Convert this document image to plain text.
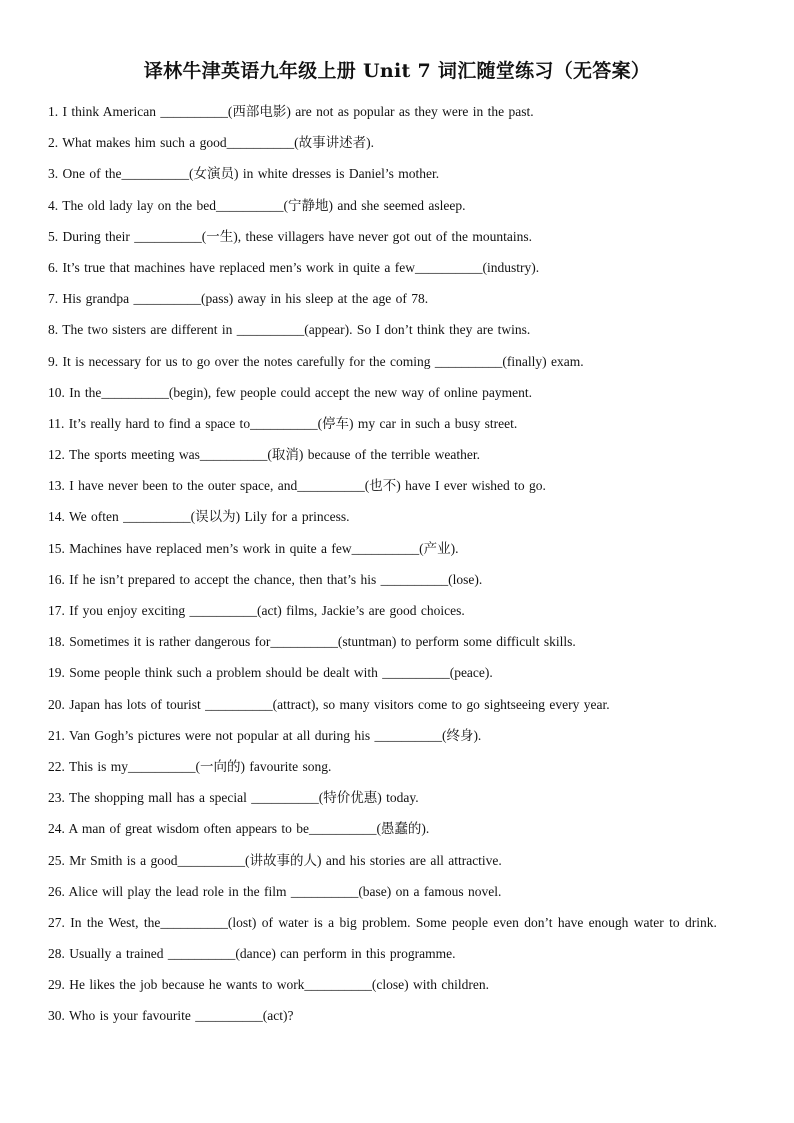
译林牛津英语九年级上册 Unit 7 词汇随堂练习（无答案）
1. I think American __________(西部电影) are not as popular as they were in the past.
2. What makes him such a good__________(故事讲述者).
3. One of the__________(女演员) in white dresses is Daniel’s mother.
4. The old lady lay on the bed__________(宁静地) and she seemed asleep.
5. During their __________(一生), these villagers have never got out of the mountains.
6. It’s true that machines have replaced men’s work in quite a few__________(industry).
7. His grandpa __________(pass) away in his sleep at the age of 78.
8. The two sisters are different in __________(appear). So I don’t think they are twins.
9. It is necessary for us to go over the notes carefully for the coming __________(finally) exam.
10. In the__________(begin), few people could accept the new way of online payment.
11. It’s really hard to find a space to__________(停车) my car in such a busy street.
12. The sports meeting was__________(取消) because of the terrible weather.
13. I have never been to the outer space, and__________(也不) have I ever wished to go.
14. We often __________(误以为) Lily for a princess.
15. Machines have replaced men’s work in quite a few__________(产业).
16. If he isn’t prepared to accept the chance, then that’s his __________(lose).
17. If you enjoy exciting __________(act) films, Jackie’s are good choices.
18. Sometimes it is rather dangerous for__________(stuntman) to perform some difficult skills.
19. Some people think such a problem should be dealt with __________(peace).
20. Japan has lots of tourist __________(attract), so many visitors come to go sightseeing every year.
21. Van Gogh’s pictures were not popular at all during his __________(终身).
22. This is my__________(一向的) favourite song.
23. The shopping mall has a special __________(特价优惠) today.
24. A man of great wisdom often appears to be__________(愚蠢的).
25. Mr Smith is a good__________(讲故事的人) and his stories are all attractive.
26. Alice will play the lead role in the film __________(base) on a famous novel.
27. In the West, the__________(lost) of water is a big problem. Some people even don’t have enough water to drink.
28. Usually a trained __________(dance) can perform in this programme.
29. He likes the job because he wants to work__________(close) with children.
30. Who is your favourite __________(act)?
